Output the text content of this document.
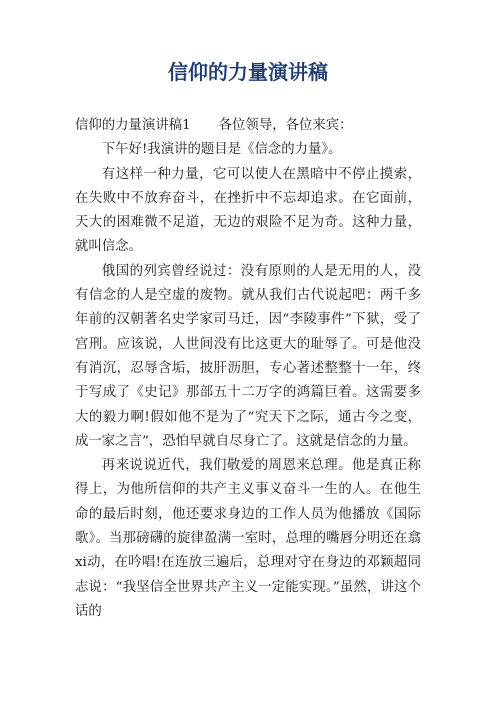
信仰的力量演讲稿

信仰的力量演讲稿1 各位领导，各位来宾：

下午好!我演讲的题目是《信念的力量》。

有这样一种力量，它可以使人在黑暗中不停止摸索，在失败中不放弃奋斗，在挫折中不忘却追求。在它面前，天大的困难微不足道，无边的艰险不足为奇。这种力量，就叫信念。

俄国的列宾曾经说过：没有原则的人是无用的人，没有信念的人是空虚的废物。就从我们古代说起吧：两千多年前的汉朝著名史学家司马迁，因“李陵事件”下狱，受了宫刑。应该说，人世间没有比这更大的耻辱了。可是他没有消沉，忍辱含垢，披肝沥胆，专心著述整整十一年，终于写成了《史记》那部五十二万字的鸿篇巨着。这需要多大的毅力啊!假如他不是为了“究天下之际，通古今之变，成一家之言”，恐怕早就自尽身亡了。这就是信念的力量。

再来说说近代，我们敬爱的周恩来总理。他是真正称得上，为他所信仰的共产主义事义奋斗一生的人。在他生命的最后时刻，他还要求身边的工作人员为他播放《国际歌》。当那磅礴的旋律盈满一室时，总理的嘴唇分明还在翕xi动，在吟唱!在连放三遍后，总理对守在身边的邓颖超同志说：“我坚信全世界共产主义一定能实现。”虽然，讲这个话的
